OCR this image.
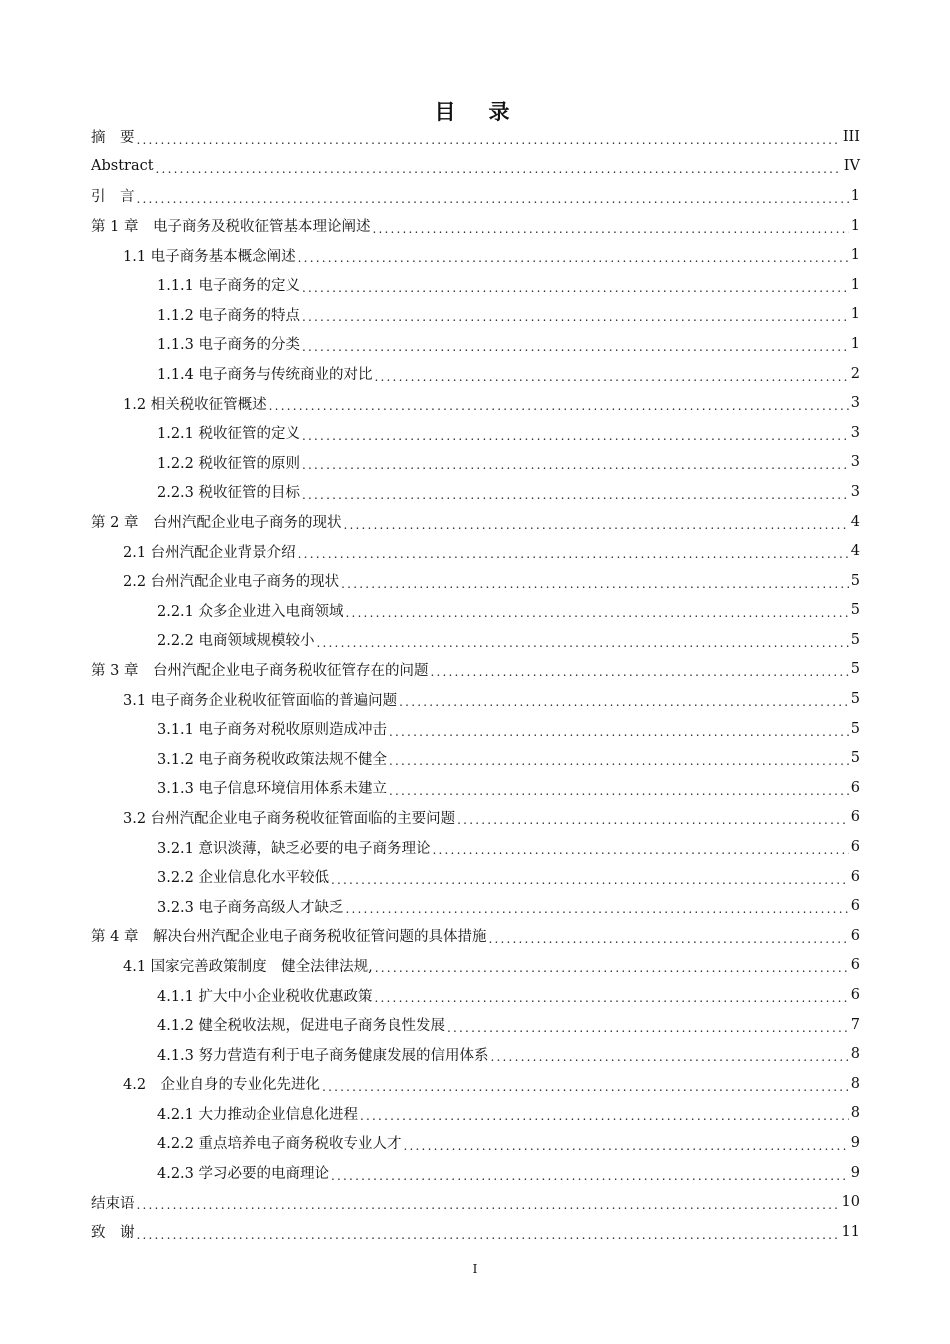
目　录
摘　要 .....	III
Abstract .....	IV
引　言 .....	1
第 1 章　电子商务及税收征管基本理论阐述 .....	1
1.1 电子商务基本概念阐述 .....	1
1.1.1 电子商务的定义 .....	1
1.1.2 电子商务的特点 .....	1
1.1.3 电子商务的分类 .....	1
1.1.4 电子商务与传统商业的对比 .....	2
1.2 相关税收征管概述 .....	3
1.2.1 税收征管的定义 .....	3
1.2.2 税收征管的原则 .....	3
2.2.3 税收征管的目标 .....	3
第 2 章　台州汽配企业电子商务的现状 .....	4
2.1 台州汽配企业背景介绍 .....	4
2.2 台州汽配企业电子商务的现状 .....	5
2.2.1 众多企业进入电商领域 .....	5
2.2.2 电商领域规模较小 .....	5
第 3 章　台州汽配企业电子商务税收征管存在的问题 .....	5
3.1 电子商务企业税收征管面临的普遍问题 .....	5
3.1.1 电子商务对税收原则造成冲击 .....	5
3.1.2 电子商务税收政策法规不健全 .....	5
3.1.3 电子信息环境信用体系未建立 .....	6
3.2 台州汽配企业电子商务税收征管面临的主要问题 .....	6
3.2.1 意识淡薄，缺乏必要的电子商务理论 .....	6
3.2.2 企业信息化水平较低 .....	6
3.2.3 电子商务高级人才缺乏 .....	6
第 4 章　解决台州汽配企业电子商务税收征管问题的具体措施 .....	6
4.1 国家完善政策制度　健全法律法规, .....	6
4.1.1 扩大中小企业税收优惠政策 .....	6
4.1.2 健全税收法规，促进电子商务良性发展 .....	7
4.1.3 努力营造有利于电子商务健康发展的信用体系 .....	8
4.2　企业自身的专业化先进化 .....	8
4.2.1 大力推动企业信息化进程 .....	8
4.2.2 重点培养电子商务税收专业人才 .....	9
4.2.3 学习必要的电商理论 .....	9
结束语 .....	10
致　谢 .....	11
I
